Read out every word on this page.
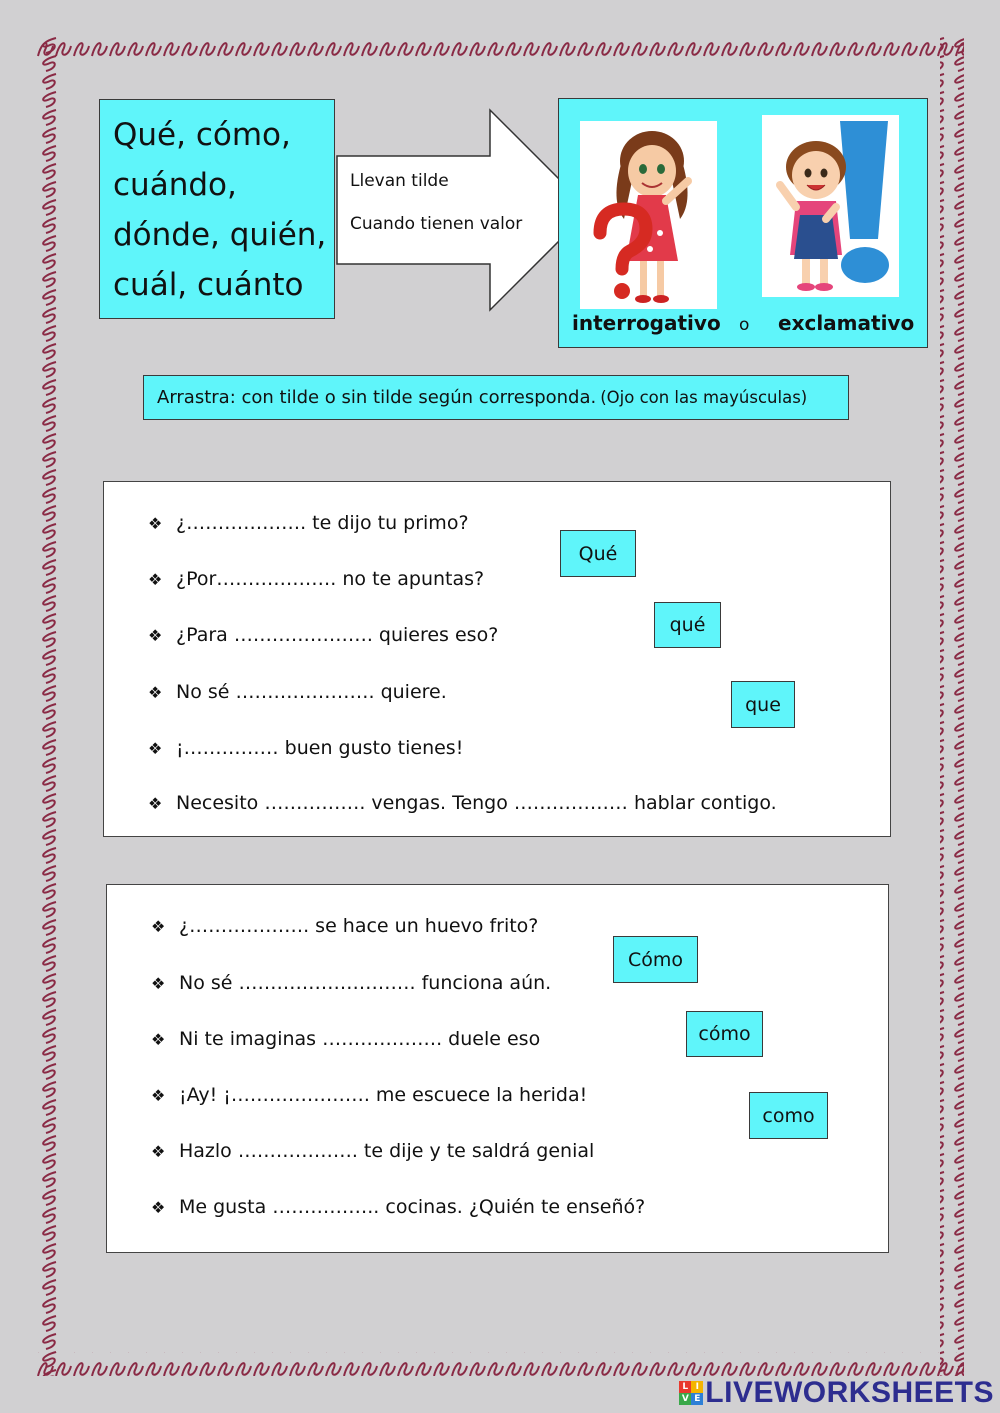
Qué, cómo,
cuándo,
dónde, quién,
cuál, cuánto
Llevan tilde
Cuando tienen valor
interrogativo o exclamativo
Arrastra: con tilde o sin tilde según corresponda. (Ojo con las mayúsculas)
❖ ¿………………. te dijo tu primo?
❖ ¿Por………………. no te apuntas?
❖ ¿Para …………………. quieres eso?
❖ No sé …………………. quiere.
❖ ¡…………… buen gusto tienes!
❖ Necesito ……………. vengas. Tengo ……………… hablar contigo.
Qué
qué
que
❖ ¿………………. se hace un huevo frito?
❖ No sé ………………………. funciona aún.
❖ Ni te imaginas ………………. duele eso
❖ ¡Ay! ¡…………………. me escuece la herida!
❖ Hazlo ………………. te dije y te saldrá genial
❖ Me gusta …………….. cocinas. ¿Quién te enseñó?
Cómo
cómo
como
L I
V E LIVEWORKSHEETS
